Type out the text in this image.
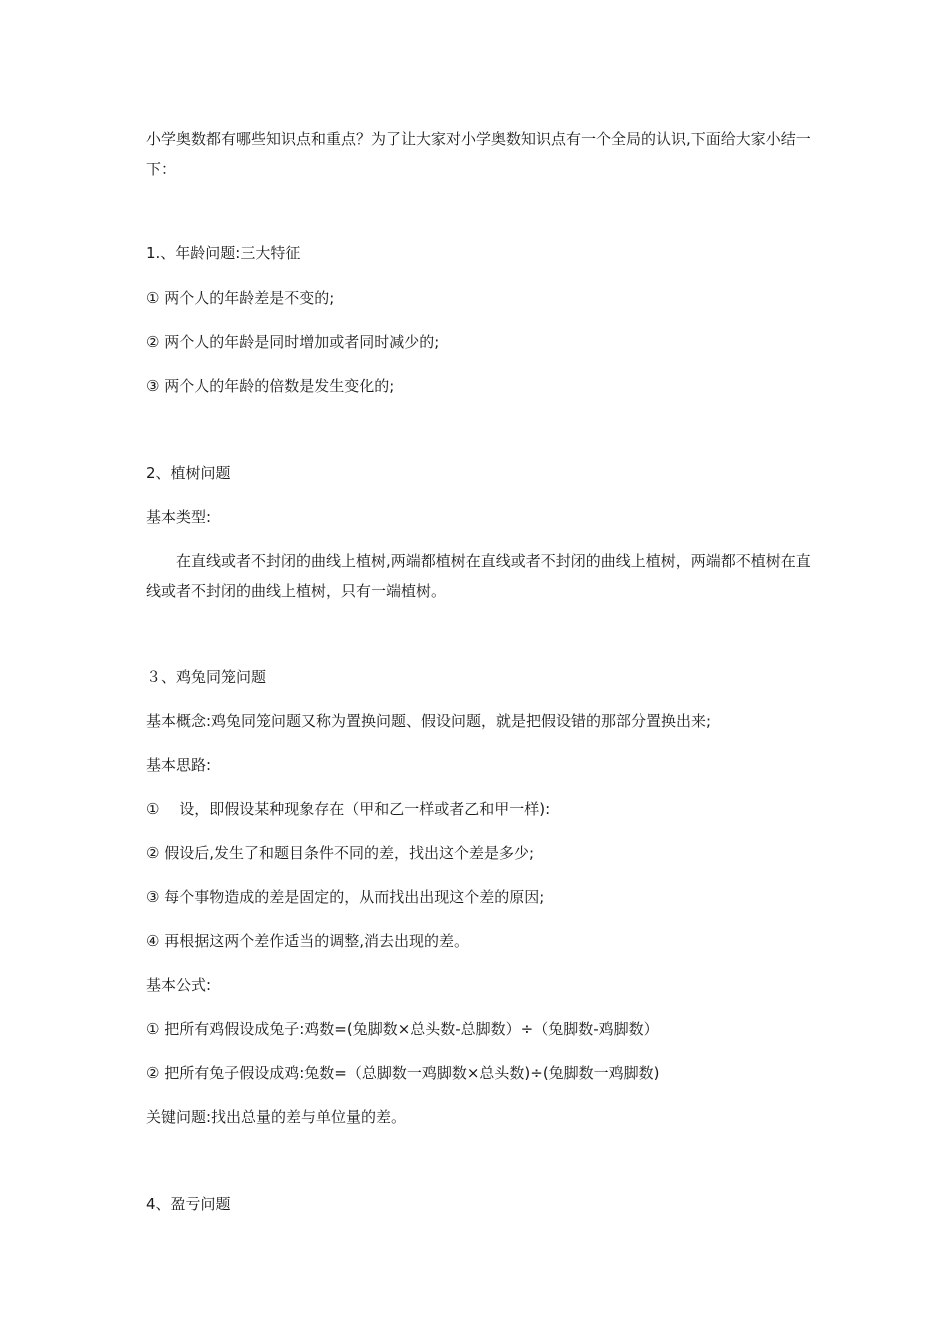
小学奥数都有哪些知识点和重点？为了让大家对小学奥数知识点有一个全局的认识,下面给大家小结一下：
1.、年龄问题:三大特征
① 两个人的年龄差是不变的;
② 两个人的年龄是同时增加或者同时减少的;
③ 两个人的年龄的倍数是发生变化的;
2、植树问题
基本类型:
在直线或者不封闭的曲线上植树,两端都植树在直线或者不封闭的曲线上植树，两端都不植树在直线或者不封闭的曲线上植树，只有一端植树。
３、鸡兔同笼问题
基本概念:鸡兔同笼问题又称为置换问题、假设问题，就是把假设错的那部分置换出来;
基本思路:
①　 设，即假设某种现象存在（甲和乙一样或者乙和甲一样):
② 假设后,发生了和题目条件不同的差，找出这个差是多少;
③ 每个事物造成的差是固定的，从而找出出现这个差的原因;
④ 再根据这两个差作适当的调整,消去出现的差。
基本公式:
① 把所有鸡假设成兔子:鸡数=(兔脚数×总头数-总脚数）÷（兔脚数-鸡脚数）
② 把所有兔子假设成鸡:兔数=（总脚数一鸡脚数×总头数)÷(兔脚数一鸡脚数)
关键问题:找出总量的差与单位量的差。
4、盈亏问题
